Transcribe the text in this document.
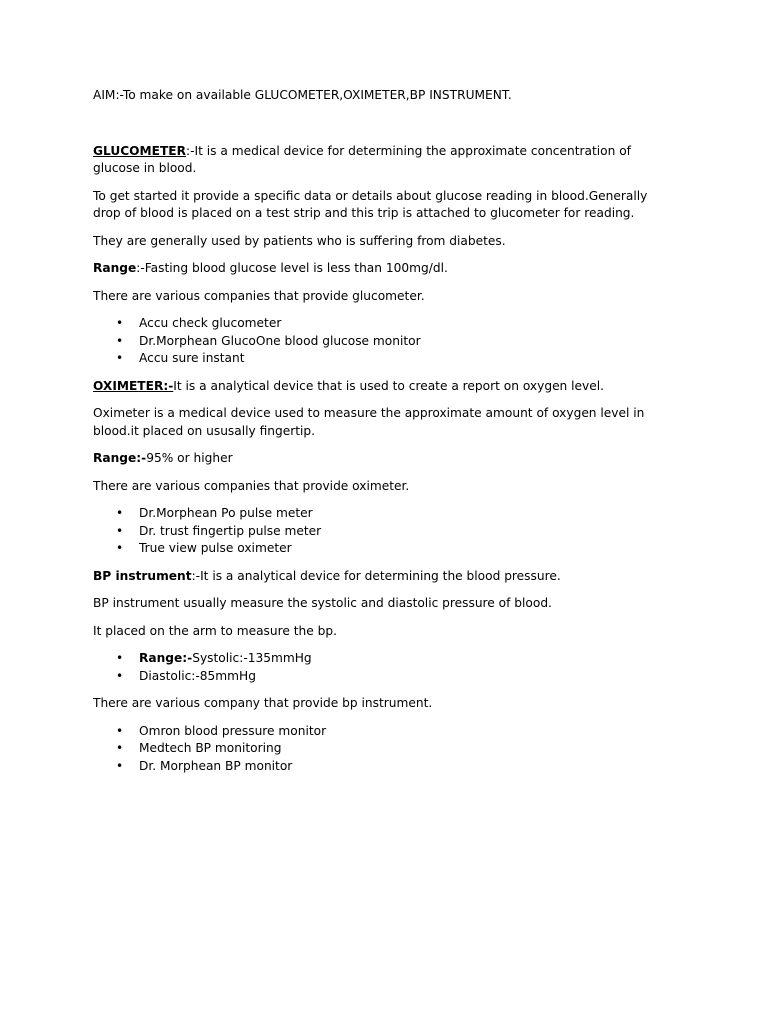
AIM:-To make on available GLUCOMETER,OXIMETER,BP INSTRUMENT.

GLUCOMETER:-It is a medical device for determining the approximate concentration of glucose in blood.

To get started it provide a specific data or details about glucose reading in blood.Generally drop of blood is placed on a test strip and this trip is attached to glucometer for reading.

They are generally used by patients who is suffering from diabetes.

Range:-Fasting blood glucose level is less than 100mg/dl.

There are various companies that provide glucometer.

• Accu check glucometer
• Dr.Morphean GlucoOne blood glucose monitor
• Accu sure instant

OXIMETER:-It is a analytical device that is used to create a report on oxygen level.

Oximeter is a medical device used to measure the approximate amount of oxygen level in blood.it placed on ususally fingertip.

Range:-95% or higher

There are various companies that provide oximeter.

• Dr.Morphean Po pulse meter
• Dr. trust fingertip pulse meter
• True view pulse oximeter

BP instrument:-It is a analytical device for determining the blood pressure.

BP instrument usually measure the systolic and diastolic pressure of blood.

It placed on the arm to measure the bp.

• Range:-Systolic:-135mmHg
• Diastolic:-85mmHg

There are various company that provide bp instrument.

• Omron blood pressure monitor
• Medtech BP monitoring
• Dr. Morphean BP monitor
